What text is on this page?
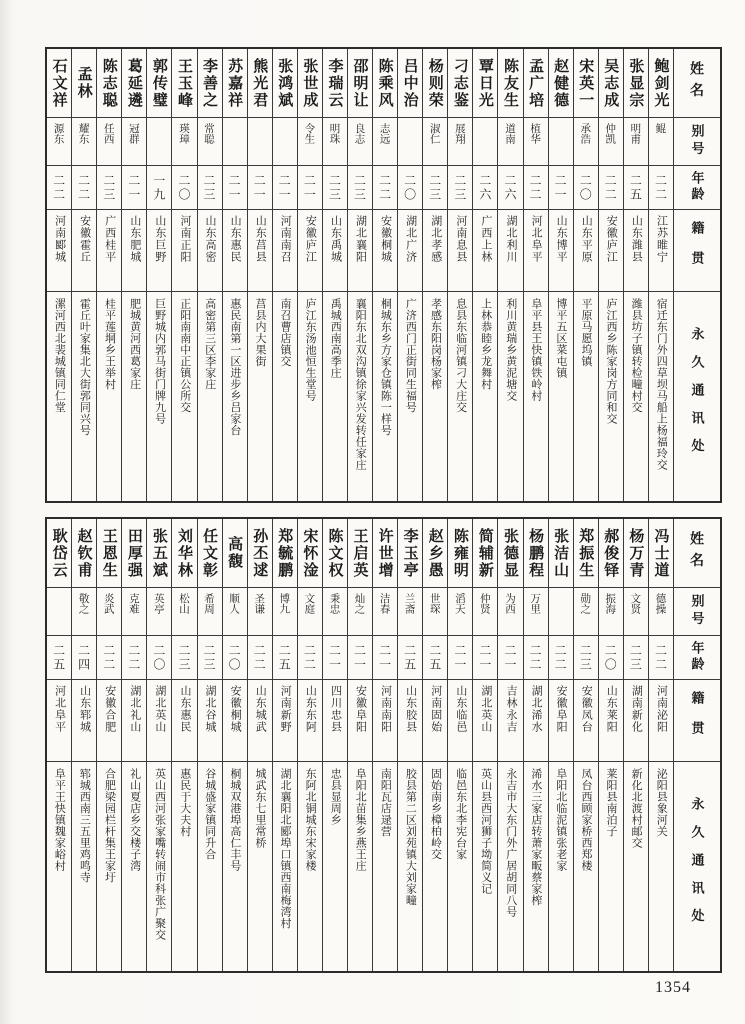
姓名
别号
年龄
籍贯
永久通讯处
鲍剑光
鲲
二二
江苏睢宁
宿迁东门外四草坝马船上杨福玲交
张显宗
明甫
二五
山东潍县
潍县坊子镇转检疃村交
吴志成
仲凯
二二
安徽庐江
庐江西乡陈家岗方同和交
宋英一
承浩
二〇
山东平原
平原马愿坞镇
赵健德
二一
山东博平
博平五区菜屯镇
孟广培
植华
二二
河北阜平
阜平县王快镇铁岭村
陈友生
道南
二六
湖北利川
利川黄瑞乡黄泥塘交
覃日光
二六
广西上林
上林恭睦乡龙舞村
刁志鉴
展翔
二三
河南息县
息县东临河镇刁大庄交
杨则荣
淑仁
二三
湖北孝感
孝感东阳岗杨家榨
吕中治
二〇
湖北广济
广济西门正街同生福号
陈乘风
志远
二二
安徽桐城
桐城东乡方家仓镇陈一样号
邵明让
良志
二三
湖北襄阳
襄阳东北双沟镇徐家兴发转任家庄
李瑞云
明珠
二三
山东禹城
禹城西南高季庄
张世成
令生
二一
安徽庐江
庐江东汤池恒生堂号
张鸿斌
二一
河南南召
南召曹店镇交
熊光君
二一
山东莒县
莒县内大果街
苏嘉祥
二一
山东惠民
惠民南第一区进步乡吕家台
李善之
常聪
二三
山东高密
高密第三区李家庄
王玉峰
瑛璋
二〇
河南正阳
正阳南南中正镇公所交
郭传璧
一九
山东巨野
巨野城内郭马街门牌九号
葛延遴
冠群
二一
山东肥城
肥城黄河西葛家庄
陈志聪
任西
二三
广西桂平
桂平莲垌乡王举村
孟林
耀东
二二
安徽霍丘
霍丘叶家集北大街郭同兴号
石文祥
源东
二二
河南郾城
漯河西北裴城镇同仁堂
姓名
别号
年龄
籍贯
永久通讯处
冯士道
德操
二二
河南泌阳
泌阳县象河关
杨万青
文贤
二三
湖南新化
新化北渡村邮交
郝俊铎
振海
二〇
山东莱阳
莱阳县南泊子
郑振生
勋之
二三
安徽凤台
凤台西顾家桥西郑楼
张洁山
二二
安徽阜阳
阜阳北临泥镇张老家
杨鹏程
万里
二二
湖北浠水
浠水三家店转萧家畈蔡家榨
张德显
为西
二一
吉林永吉
永吉市大东门外广居胡同八号
简辅新
仲贤
二一
湖北英山
英山县西河狮子坳简义记
陈雍明
滔天
二一
山东临邑
临邑东北李宪台家
赵乡愚
世琛
二五
河南固始
固始南乡樟柏岭交
李玉亭
兰斋
二五
山东胶县
胶县第二区刘苑镇大刘家疃
许世增
洁春
二一
河南南阳
南阳瓦店逯营
王启英
灿之
二一
安徽阜阳
阜阳北苗集乡燕王庄
陈文权
秉忠
二一
四川忠县
忠县显周乡
宋怀淦
文庭
二二
山东东阿
东阿北铜城东宋家楼
郑毓鹏
博九
二五
河南新野
湖北襄阳北郾埠口镇西南梅湾村
孙丕逑
圣谦
二二
山东城武
城武东七里常桥
高馥
顺人
二〇
安徽桐城
桐城双港埠高仁丰号
任文彰
希周
二三
湖北谷城
谷城盛家镇同升合
刘华林
松山
二三
山东惠民
惠民于大夫村
张五斌
英亭
二〇
湖北英山
英山西河张家嘴转闹市科张广聚交
田厚强
克难
二二
湖北礼山
礼山夏店乡交楼子湾
王恩生
炎武
二二
安徽合肥
合肥梁园栏杆集王家圩
赵钦甫
敬之
二四
山东郓城
郓城西南三五里鸡鸣寺
耿岱云
二五
河北阜平
阜平王快镇魏家峪村
1354
